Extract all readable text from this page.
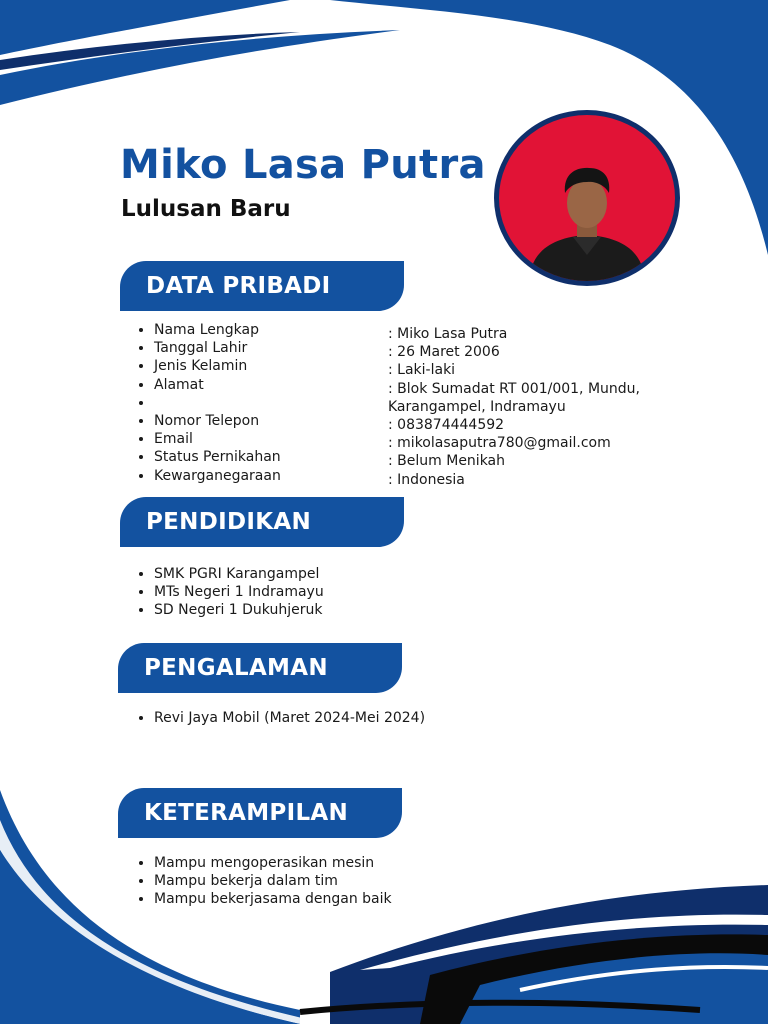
Miko Lasa Putra
Lulusan Baru
DATA PRIBADI
• Nama Lengkap
• Tanggal Lahir
• Jenis Kelamin
• Alamat
•
• Nomor Telepon
• Email
• Status Pernikahan
• Kewarganegaraan
: Miko Lasa Putra
: 26 Maret 2006
: Laki-laki
: Blok Sumadat RT 001/001, Mundu,
Karangampel, Indramayu
: 083874444592
: mikolasaputra780@gmail.com
: Belum Menikah
: Indonesia
PENDIDIKAN
• SMK PGRI Karangampel
• MTs Negeri 1 Indramayu
• SD Negeri 1 Dukuhjeruk
PENGALAMAN
• Revi Jaya Mobil (Maret 2024-Mei 2024)
KETERAMPILAN
• Mampu mengoperasikan mesin
• Mampu bekerja dalam tim
• Mampu bekerjasama dengan baik
